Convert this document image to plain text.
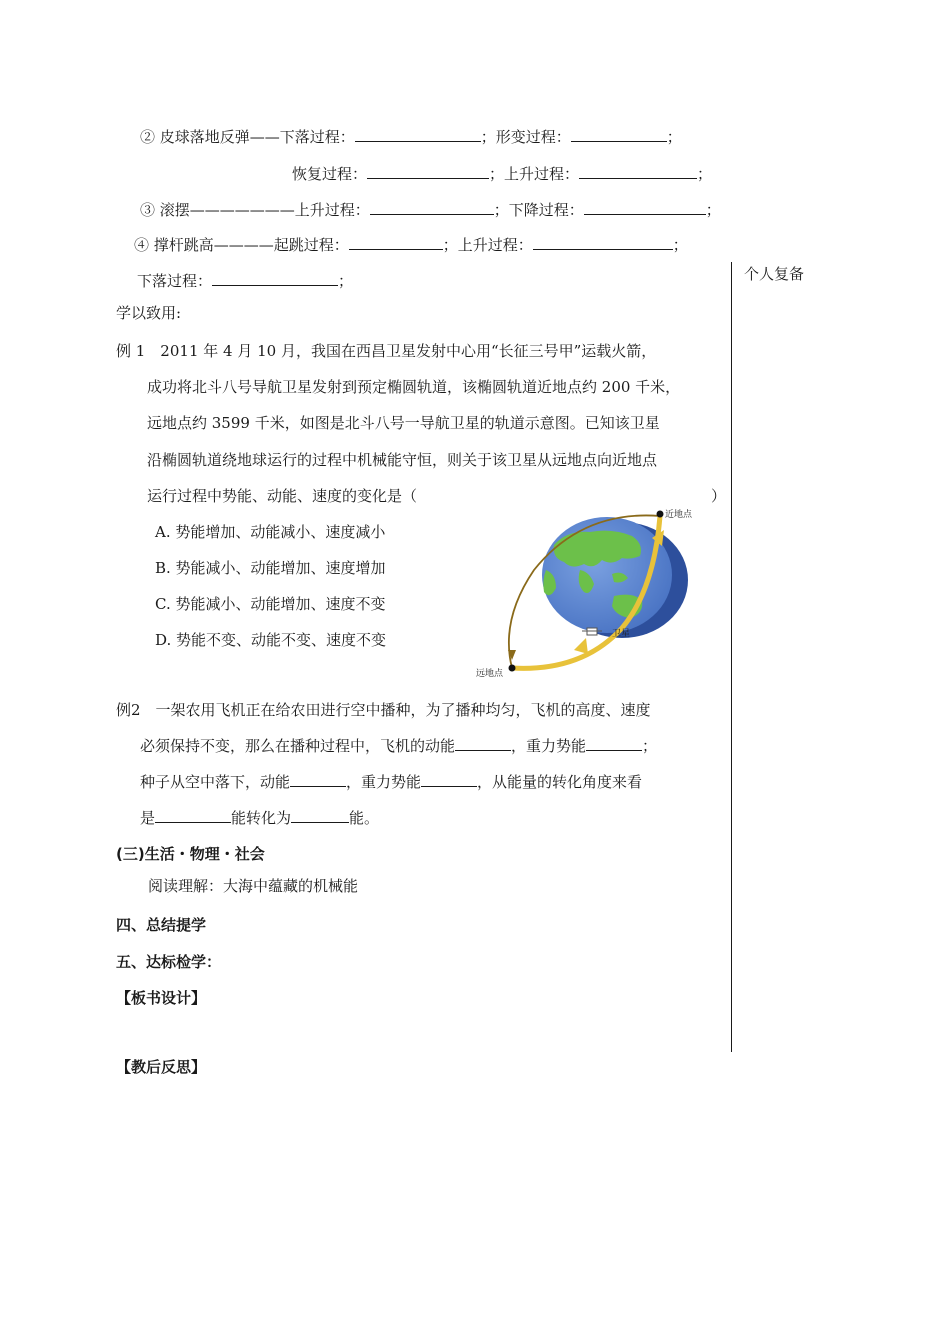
② 皮球落地反弹——下落过程：	；形变过程：	；
恢复过程：	；上升过程：	；
③ 滚摆———————上升过程：	；下降过程：	；
④ 撑杆跳高————起跳过程：	；上升过程：	；
下落过程：	；	个人复备
学以致用:
例 1　2011 年 4 月 10 月，我国在西昌卫星发射中心用“长征三号甲”运载火箭，
成功将北斗八号导航卫星发射到预定椭圆轨道，该椭圆轨道近地点约 200 千米，
远地点约 3599 千米，如图是北斗八号一导航卫星的轨道示意图。已知该卫星
沿椭圆轨道绕地球运行的过程中机械能守恒，则关于该卫星从远地点向近地点
运行过程中势能、动能、速度的变化是（	）
A. 势能增加、动能减小、速度减小
B. 势能减小、动能增加、速度增加
C. 势能减小、动能增加、速度不变
D. 势能不变、动能不变、速度不变
近地点
远地点
卫星
例2　一架农用飞机正在给农田进行空中播种，为了播种均匀，飞机的高度、速度
必须保持不变，那么在播种过程中，飞机的动能	，重力势能	；
种子从空中落下，动能	，重力势能	，从能量的转化角度来看
是	能转化为	能。
(三)生活・物理・社会
阅读理解：大海中蕴藏的机械能
四、总结提学
五、达标检学：
【板书设计】
【教后反思】
